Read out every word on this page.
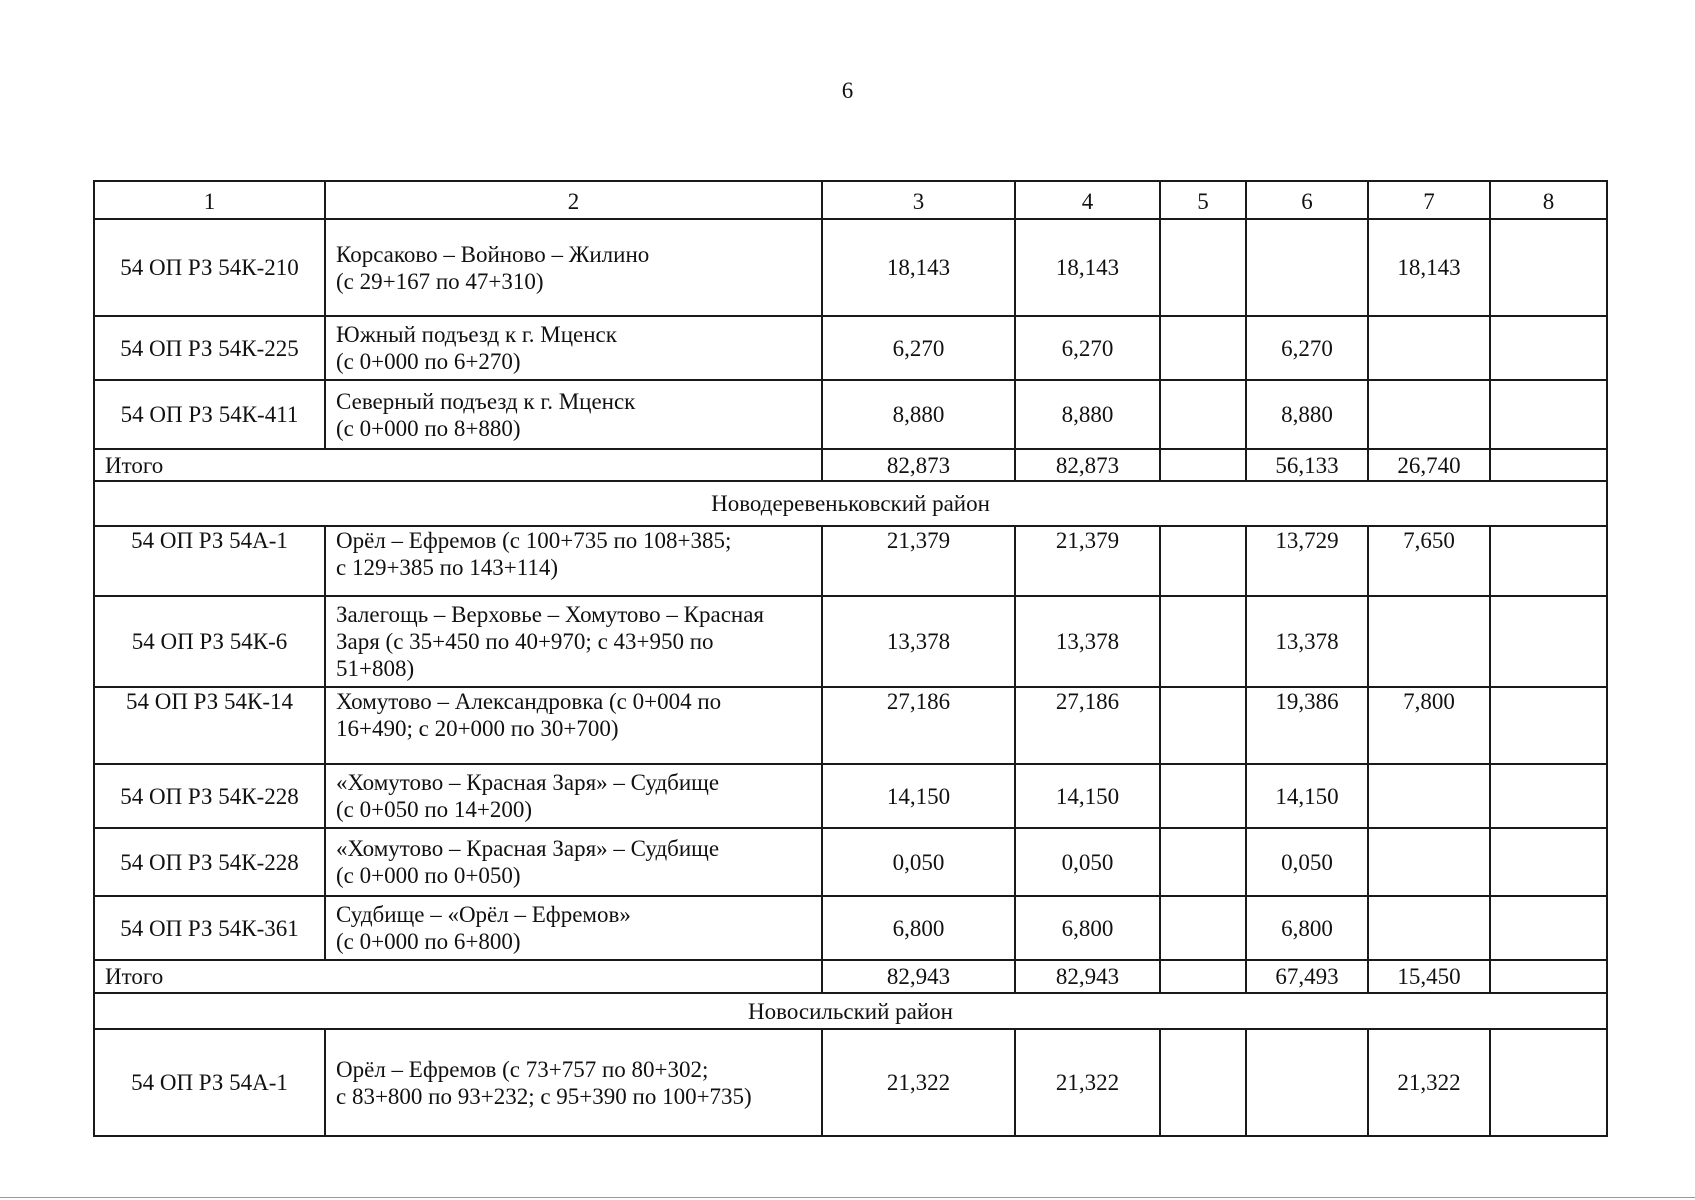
6
1	2	3	4	5	6	7	8
54 ОП РЗ 54К-210	Корсаково – Войново – Жилино
(с 29+167 по 47+310)	18,143	18,143			18,143	
54 ОП РЗ 54К-225	Южный подъезд к г. Мценск
(с 0+000 по 6+270)	6,270	6,270		6,270		
54 ОП РЗ 54К-411	Северный подъезд к г. Мценск
(с 0+000 по 8+880)	8,880	8,880		8,880		
Итого		82,873	82,873		56,133	26,740	
Новодеревеньковский район							
54 ОП РЗ 54А-1	Орёл – Ефремов (с 100+735 по 108+385;
с 129+385 по 143+114)	21,379	21,379		13,729	7,650	
54 ОП РЗ 54К-6	Залегощь – Верховье – Хомутово – Красная
Заря (с 35+450 по 40+970; с 43+950 по
51+808)	13,378	13,378		13,378		
54 ОП РЗ 54К-14	Хомутово – Александровка (с 0+004 по
16+490; с 20+000 по 30+700)	27,186	27,186		19,386	7,800	
54 ОП РЗ 54К-228	«Хомутово – Красная Заря» – Судбище
(с 0+050 по 14+200)	14,150	14,150		14,150		
54 ОП РЗ 54К-228	«Хомутово – Красная Заря» – Судбище
(с 0+000 по 0+050)	0,050	0,050		0,050		
54 ОП РЗ 54К-361	Судбище – «Орёл – Ефремов»
(с 0+000 по 6+800)	6,800	6,800		6,800		
Итого		82,943	82,943		67,493	15,450	
Новосильский район							
54 ОП РЗ 54А-1	Орёл – Ефремов (с 73+757 по 80+302;
с 83+800 по 93+232; с 95+390 по 100+735)	21,322	21,322			21,322	
